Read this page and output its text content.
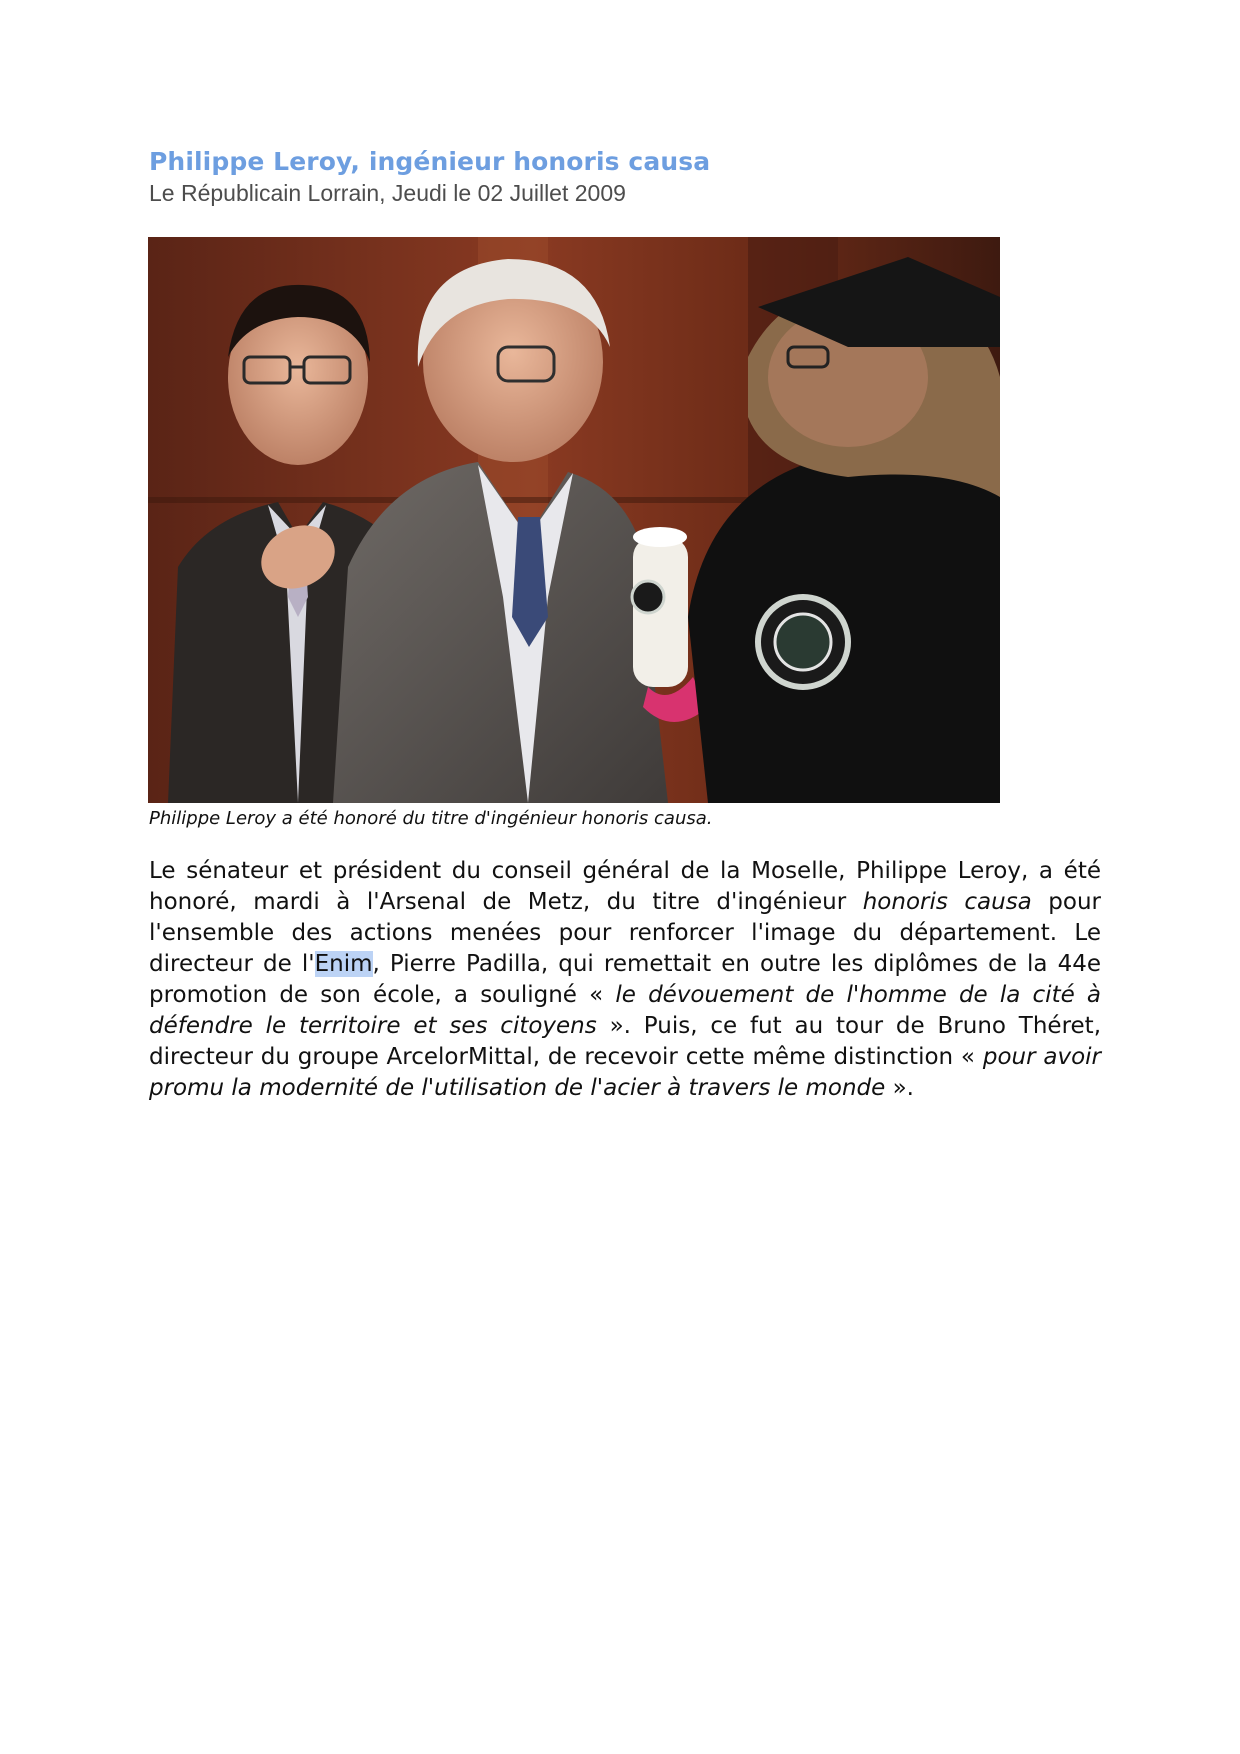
Philippe Leroy, ingénieur honoris causa

Le Républicain Lorrain, Jeudi le 02 Juillet 2009

Philippe Leroy a été honoré du titre d'ingénieur honoris causa.

Le sénateur et président du conseil général de la Moselle, Philippe Leroy, a été honoré, mardi à l'Arsenal de Metz, du titre d'ingénieur honoris causa pour l'ensemble des actions menées pour renforcer l'image du département. Le directeur de l'Enim, Pierre Padilla, qui remettait en outre les diplômes de la 44e promotion de son école, a souligné « le dévouement de l'homme de la cité à défendre le territoire et ses citoyens ». Puis, ce fut au tour de Bruno Théret, directeur du groupe ArcelorMittal, de recevoir cette même distinction « pour avoir promu la modernité de l'utilisation de l'acier à travers le monde ».
